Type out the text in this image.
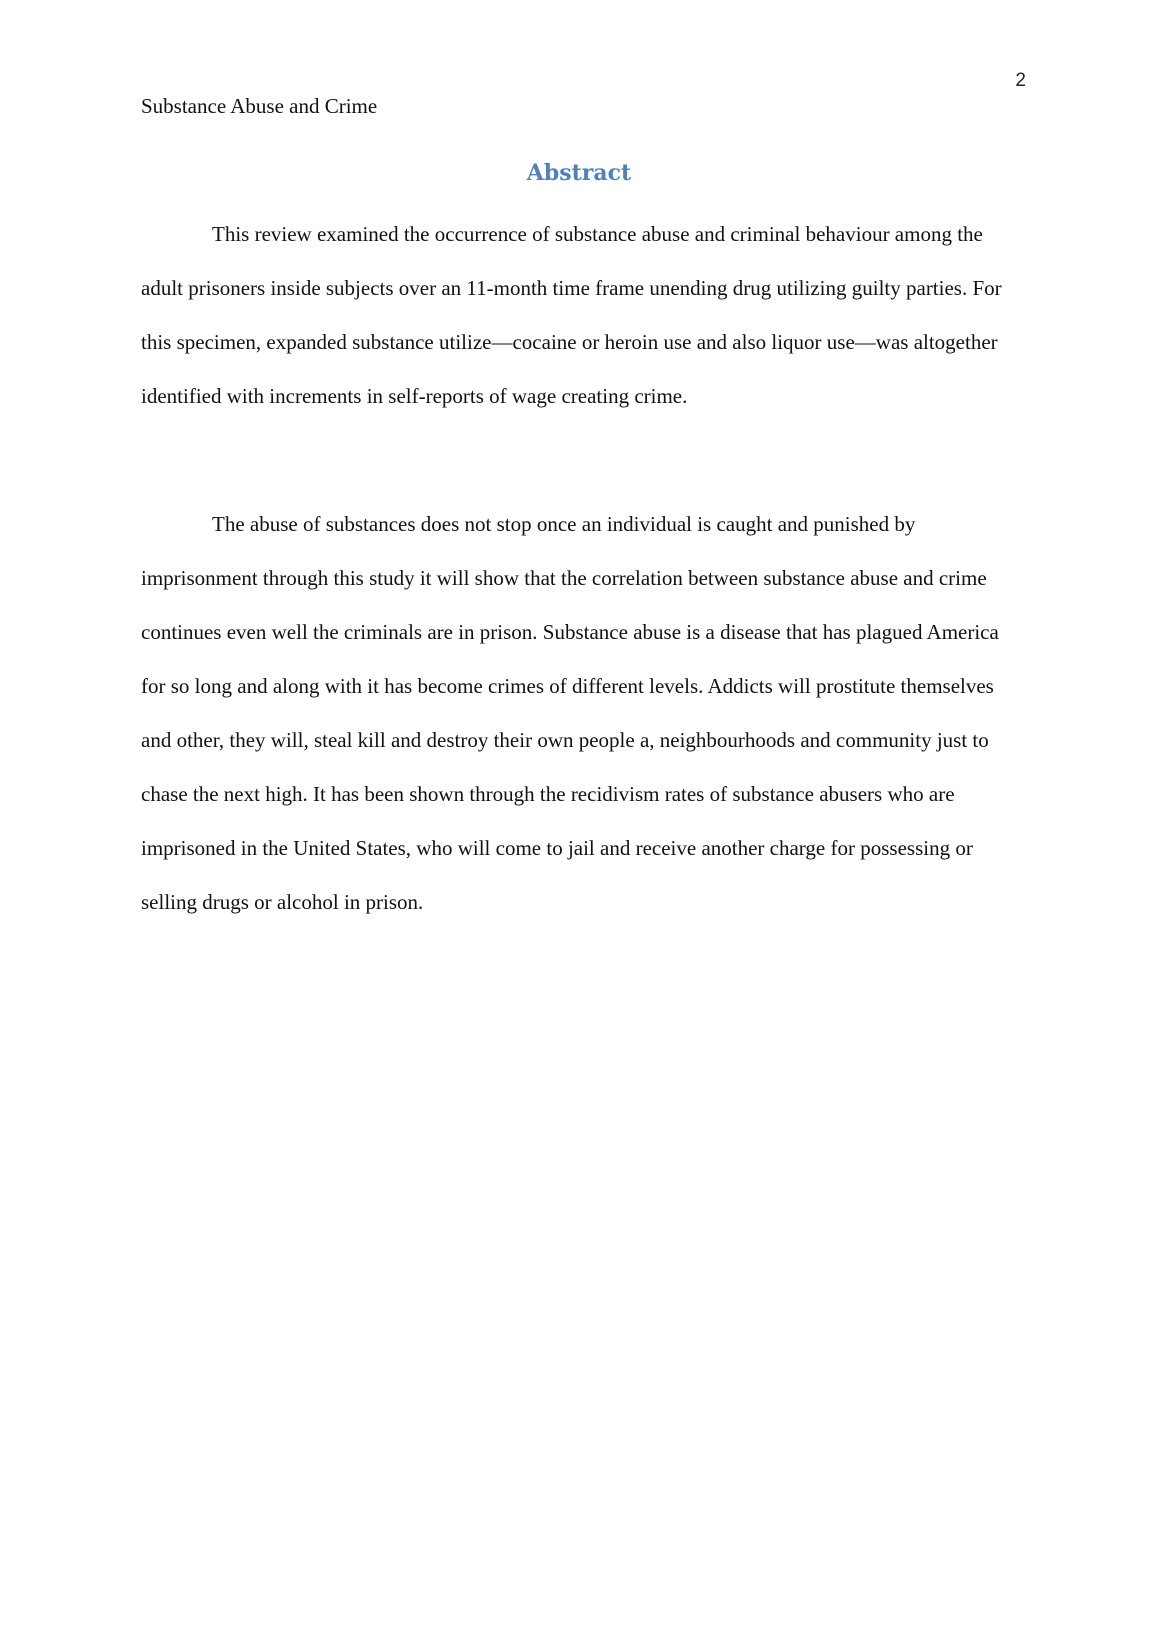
2
Substance Abuse and Crime
Abstract

This review examined the occurrence of substance abuse and criminal behaviour among the adult prisoners inside subjects over an 11-month time frame unending drug utilizing guilty parties. For this specimen, expanded substance utilize—cocaine or heroin use and also liquor use—was altogether identified with increments in self-reports of wage creating crime.

The abuse of substances does not stop once an individual is caught and punished by imprisonment through this study it will show that the correlation between substance abuse and crime continues even well the criminals are in prison. Substance abuse is a disease that has plagued America for so long and along with it has become crimes of different levels. Addicts will prostitute themselves and other, they will, steal kill and destroy their own people a, neighbourhoods and community just to chase the next high. It has been shown through the recidivism rates of substance abusers who are imprisoned in the United States, who will come to jail and receive another charge for possessing or selling drugs or alcohol in prison.
